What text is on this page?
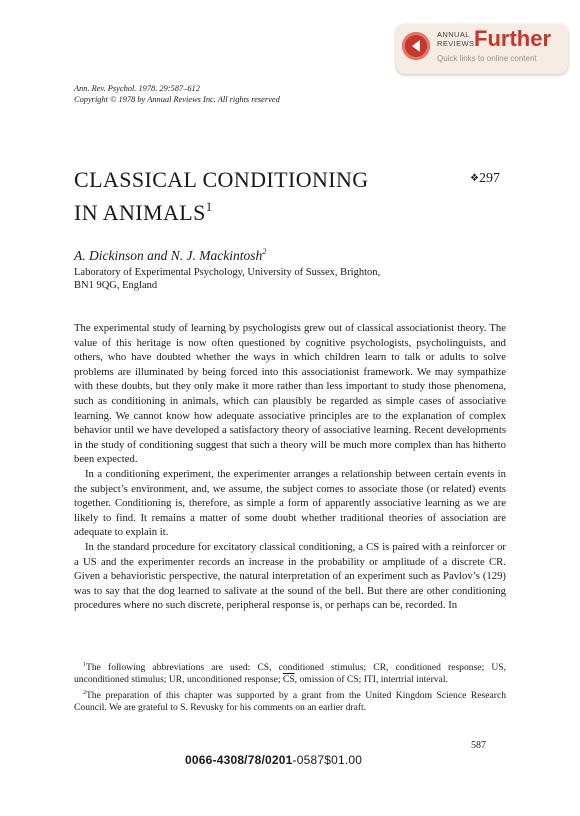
ANNUAL
REVIEWS Further
Quick links to online content
Ann. Rev. Psychol. 1978. 29:587–612
Copyright © 1978 by Annual Reviews Inc. All rights reserved
CLASSICAL CONDITIONING
IN ANIMALS$^1$
❖297
A. Dickinson and N. J. Mackintosh$^2$
Laboratory of Experimental Psychology, University of Sussex, Brighton,
BN1 9QG, England

The experimental study of learning by psychologists grew out of classical associationist theory. The value of this heritage is now often questioned by cognitive psychologists, psycholinguists, and others, who have doubted whether the ways in which children learn to talk or adults to solve problems are illuminated by being forced into this associationist framework. We may sympathize with these doubts, but they only make it more rather than less important to study those phenomena, such as conditioning in animals, which can plausibly be regarded as simple cases of associative learning. We cannot know how adequate associative principles are to the explanation of complex behavior until we have developed a satisfactory theory of associative learning. Recent developments in the study of conditioning suggest that such a theory will be much more complex than has hitherto been expected.

In a conditioning experiment, the experimenter arranges a relationship between certain events in the subject’s environment, and, we assume, the subject comes to associate those (or related) events together. Conditioning is, therefore, as simple a form of apparently associative learning as we are likely to find. It remains a matter of some doubt whether traditional theories of association are adequate to explain it.

In the standard procedure for excitatory classical conditioning, a CS is paired with a reinforcer or a US and the experimenter records an increase in the probability or amplitude of a discrete CR. Given a behavioristic perspective, the natural interpretation of an experiment such as Pavlov’s (129) was to say that the dog learned to salivate at the sound of the bell. But there are other conditioning procedures where no such discrete, peripheral response is, or perhaps can be, recorded. In

$^1$The following abbreviations are used: CS, conditioned stimulus; CR, conditioned response; US, unconditioned stimulus; UR, unconditioned response; $\overline{CS}$, omission of CS; ITI, intertrial interval.

$^2$The preparation of this chapter was supported by a grant from the United Kingdom Science Research Council. We are grateful to S. Revusky for his comments on an earlier draft.

587
0066-4308/78/0201-0587$01.00
